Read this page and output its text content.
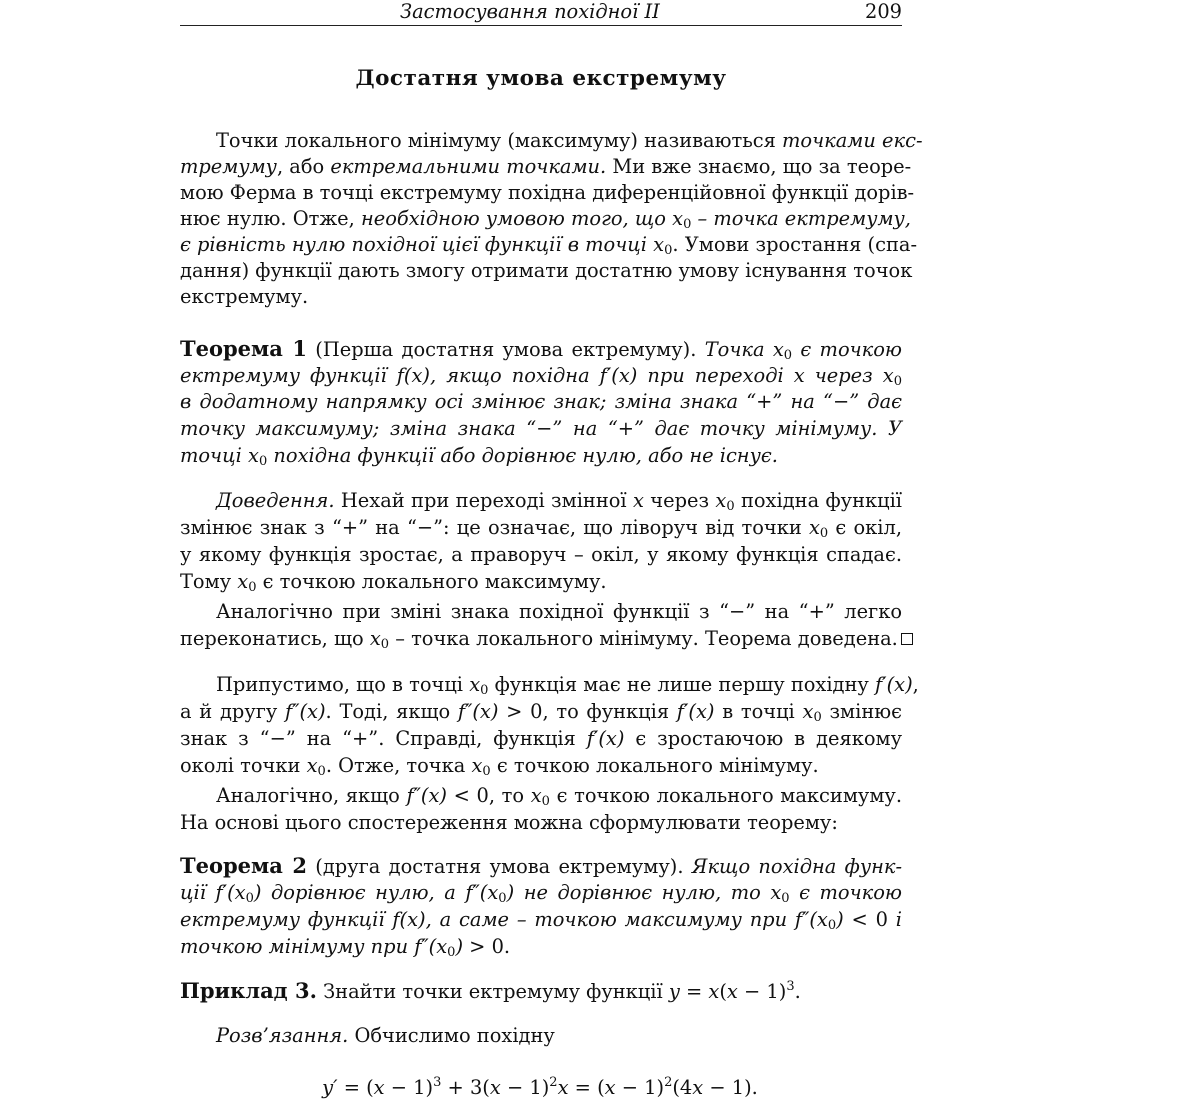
Застосування похідної II	209
Достатня умова екстремуму
Точки локального мінімуму (максимуму) називаються точками екс-
тремуму, або ектремальними точками. Ми вже знаємо, що за теоре-
мою Ферма в точці екстремуму похідна диференційовної функції дорів-
нює нулю. Отже, необхідною умовою того, що $x_0$ – точка ектремуму,
є рівність нулю похідної цієї функції в точці $x_0$. Умови зростання (спа-
дання) функції дають змогу отримати достатню умову існування точок
екстремуму.
Теорема 1 (Перша достатня умова ектремуму). Точка $x_0$ є точкою
ектремуму функції f(x), якщо похідна f′(x) при переході x через $x_0$
в додатному напрямку осі змінює знак; зміна знака “+” на “−” дає
точку максимуму; зміна знака “−” на “+” дає точку мінімуму. У
точці $x_0$ похідна функції або дорівнює нулю, або не існує.
Доведення. Нехай при переході змінної x через $x_0$ похідна функції
змінює знак з “+” на “−”: це означає, що ліворуч від точки $x_0$ є окіл,
у якому функція зростає, а праворуч – окіл, у якому функція спадає.
Тому $x_0$ є точкою локального максимуму.
Аналогічно при зміні знака похідної функції з “−” на “+” легко
переконатись, що $x_0$ – точка локального мінімуму. Теорема доведена.
Припустимо, що в точці $x_0$ функція має не лише першу похідну f′(x),
а й другу f″(x). Тоді, якщо f″(x) > 0, то функція f′(x) в точці $x_0$ змінює
знак з “−” на “+”. Справді, функція f′(x) є зростаючою в деякому
околі точки $x_0$. Отже, точка $x_0$ є точкою локального мінімуму.
Аналогічно, якщо f″(x) < 0, то $x_0$ є точкою локального максимуму.
На основі цього спостереження можна сформулювати теорему:
Теорема 2 (друга достатня умова ектремуму). Якщо похідна функ-
ції $f'(x_0)$ дорівнює нулю, а $f''(x_0)$ не дорівнює нулю, то $x_0$ є точкою
ектремуму функції f(x), а саме – точкою максимуму при $f''(x_0) < 0$ і
точкою мінімуму при $f''(x_0) > 0$.
Приклад 3. Знайти точки ектремуму функції $y = x(x - 1)^3$.
Розв’язання. Обчислимо похідну
$y' = (x - 1)^3 + 3(x - 1)^2x = (x - 1)^2(4x - 1)$.
